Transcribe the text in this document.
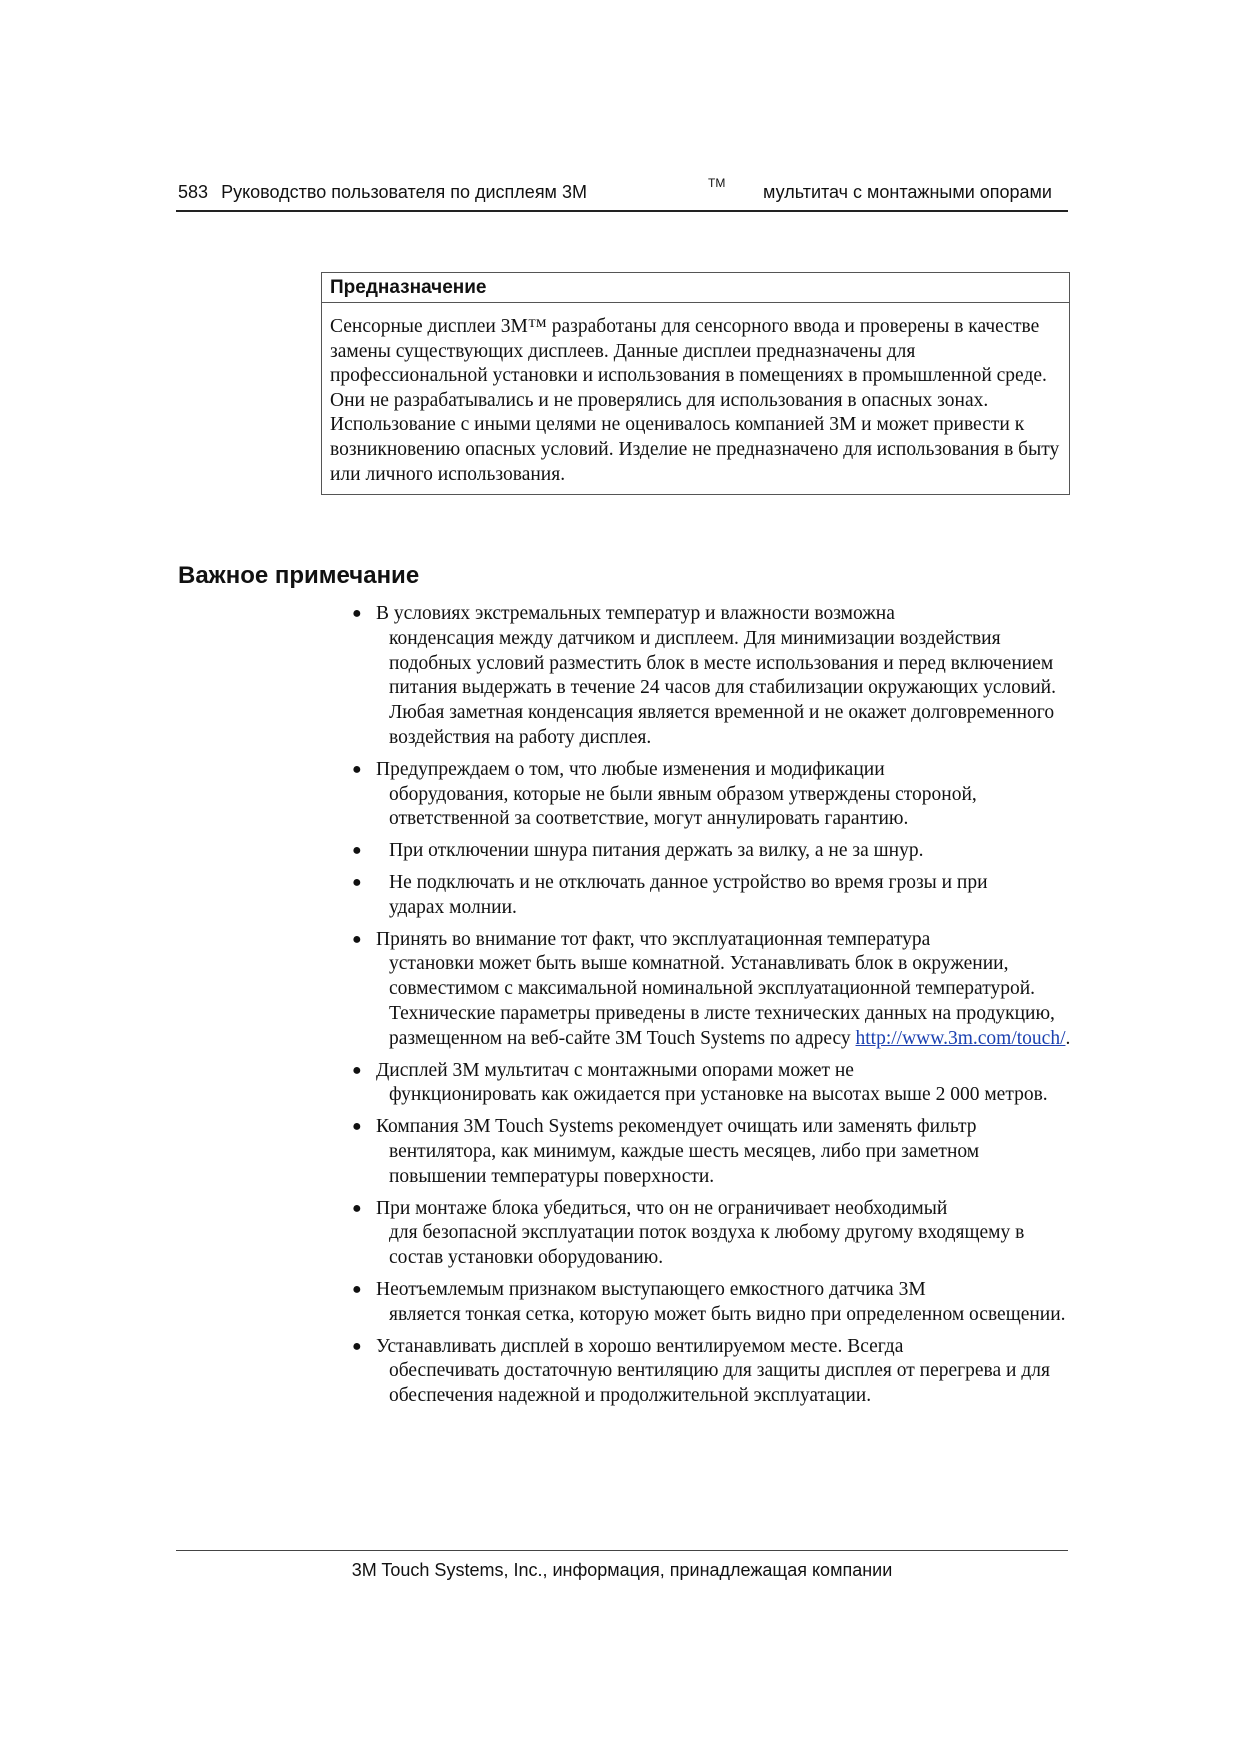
583 Руководство пользователя по дисплеям 3M	TM мультитач с монтажными опорами
Предназначение
Сенсорные дисплеи 3M™ разработаны для сенсорного ввода и проверены в качестве замены существующих дисплеев. Данные дисплеи предназначены для профессиональной установки и использования в помещениях в промышленной среде. Они не разрабатывались и не проверялись для использования в опасных зонах. Использование с иными целями не оценивалось компанией 3M и может привести к возникновению опасных условий. Изделие не предназначено для использования в быту или личного использования.
Важное примечание
● В условиях экстремальных температур и влажности возможна
конденсация между датчиком и дисплеем. Для минимизации воздействия подобных условий разместить блок в месте использования и перед включением питания выдержать в течение 24 часов для стабилизации окружающих условий. Любая заметная конденсация является временной и не окажет долговременного воздействия на работу дисплея.
● Предупреждаем о том, что любые изменения и модификации
оборудования, которые не были явным образом утверждены стороной, ответственной за соответствие, могут аннулировать гарантию.
●	При отключении шнура питания держать за вилку, а не за шнур.
●	Не подключать и не отключать данное устройство во время грозы и при
ударах молнии.
● Принять во внимание тот факт, что эксплуатационная температура
установки может быть выше комнатной. Устанавливать блок в окружении, совместимом с максимальной номинальной эксплуатационной температурой. Технические параметры приведены в листе технических данных на продукцию, размещенном на веб-сайте 3M Touch Systems по адресу http://www.3m.com/touch/.
● Дисплей 3M мультитач с монтажными опорами может не
функционировать как ожидается при установке на высотах выше 2 000 метров.
● Компания 3M Touch Systems рекомендует очищать или заменять фильтр
вентилятора, как минимум, каждые шесть месяцев, либо при заметном повышении температуры поверхности.
● При монтаже блока убедиться, что он не ограничивает необходимый
для безопасной эксплуатации поток воздуха к любому другому входящему в состав установки оборудованию.
● Неотъемлемым признаком выступающего емкостного датчика 3M
является тонкая сетка, которую может быть видно при определенном освещении.
● Устанавливать дисплей в хорошо вентилируемом месте. Всегда
обеспечивать достаточную вентиляцию для защиты дисплея от перегрева и для обеспечения надежной и продолжительной эксплуатации.
3M Touch Systems, Inc., информация, принадлежащая компании
